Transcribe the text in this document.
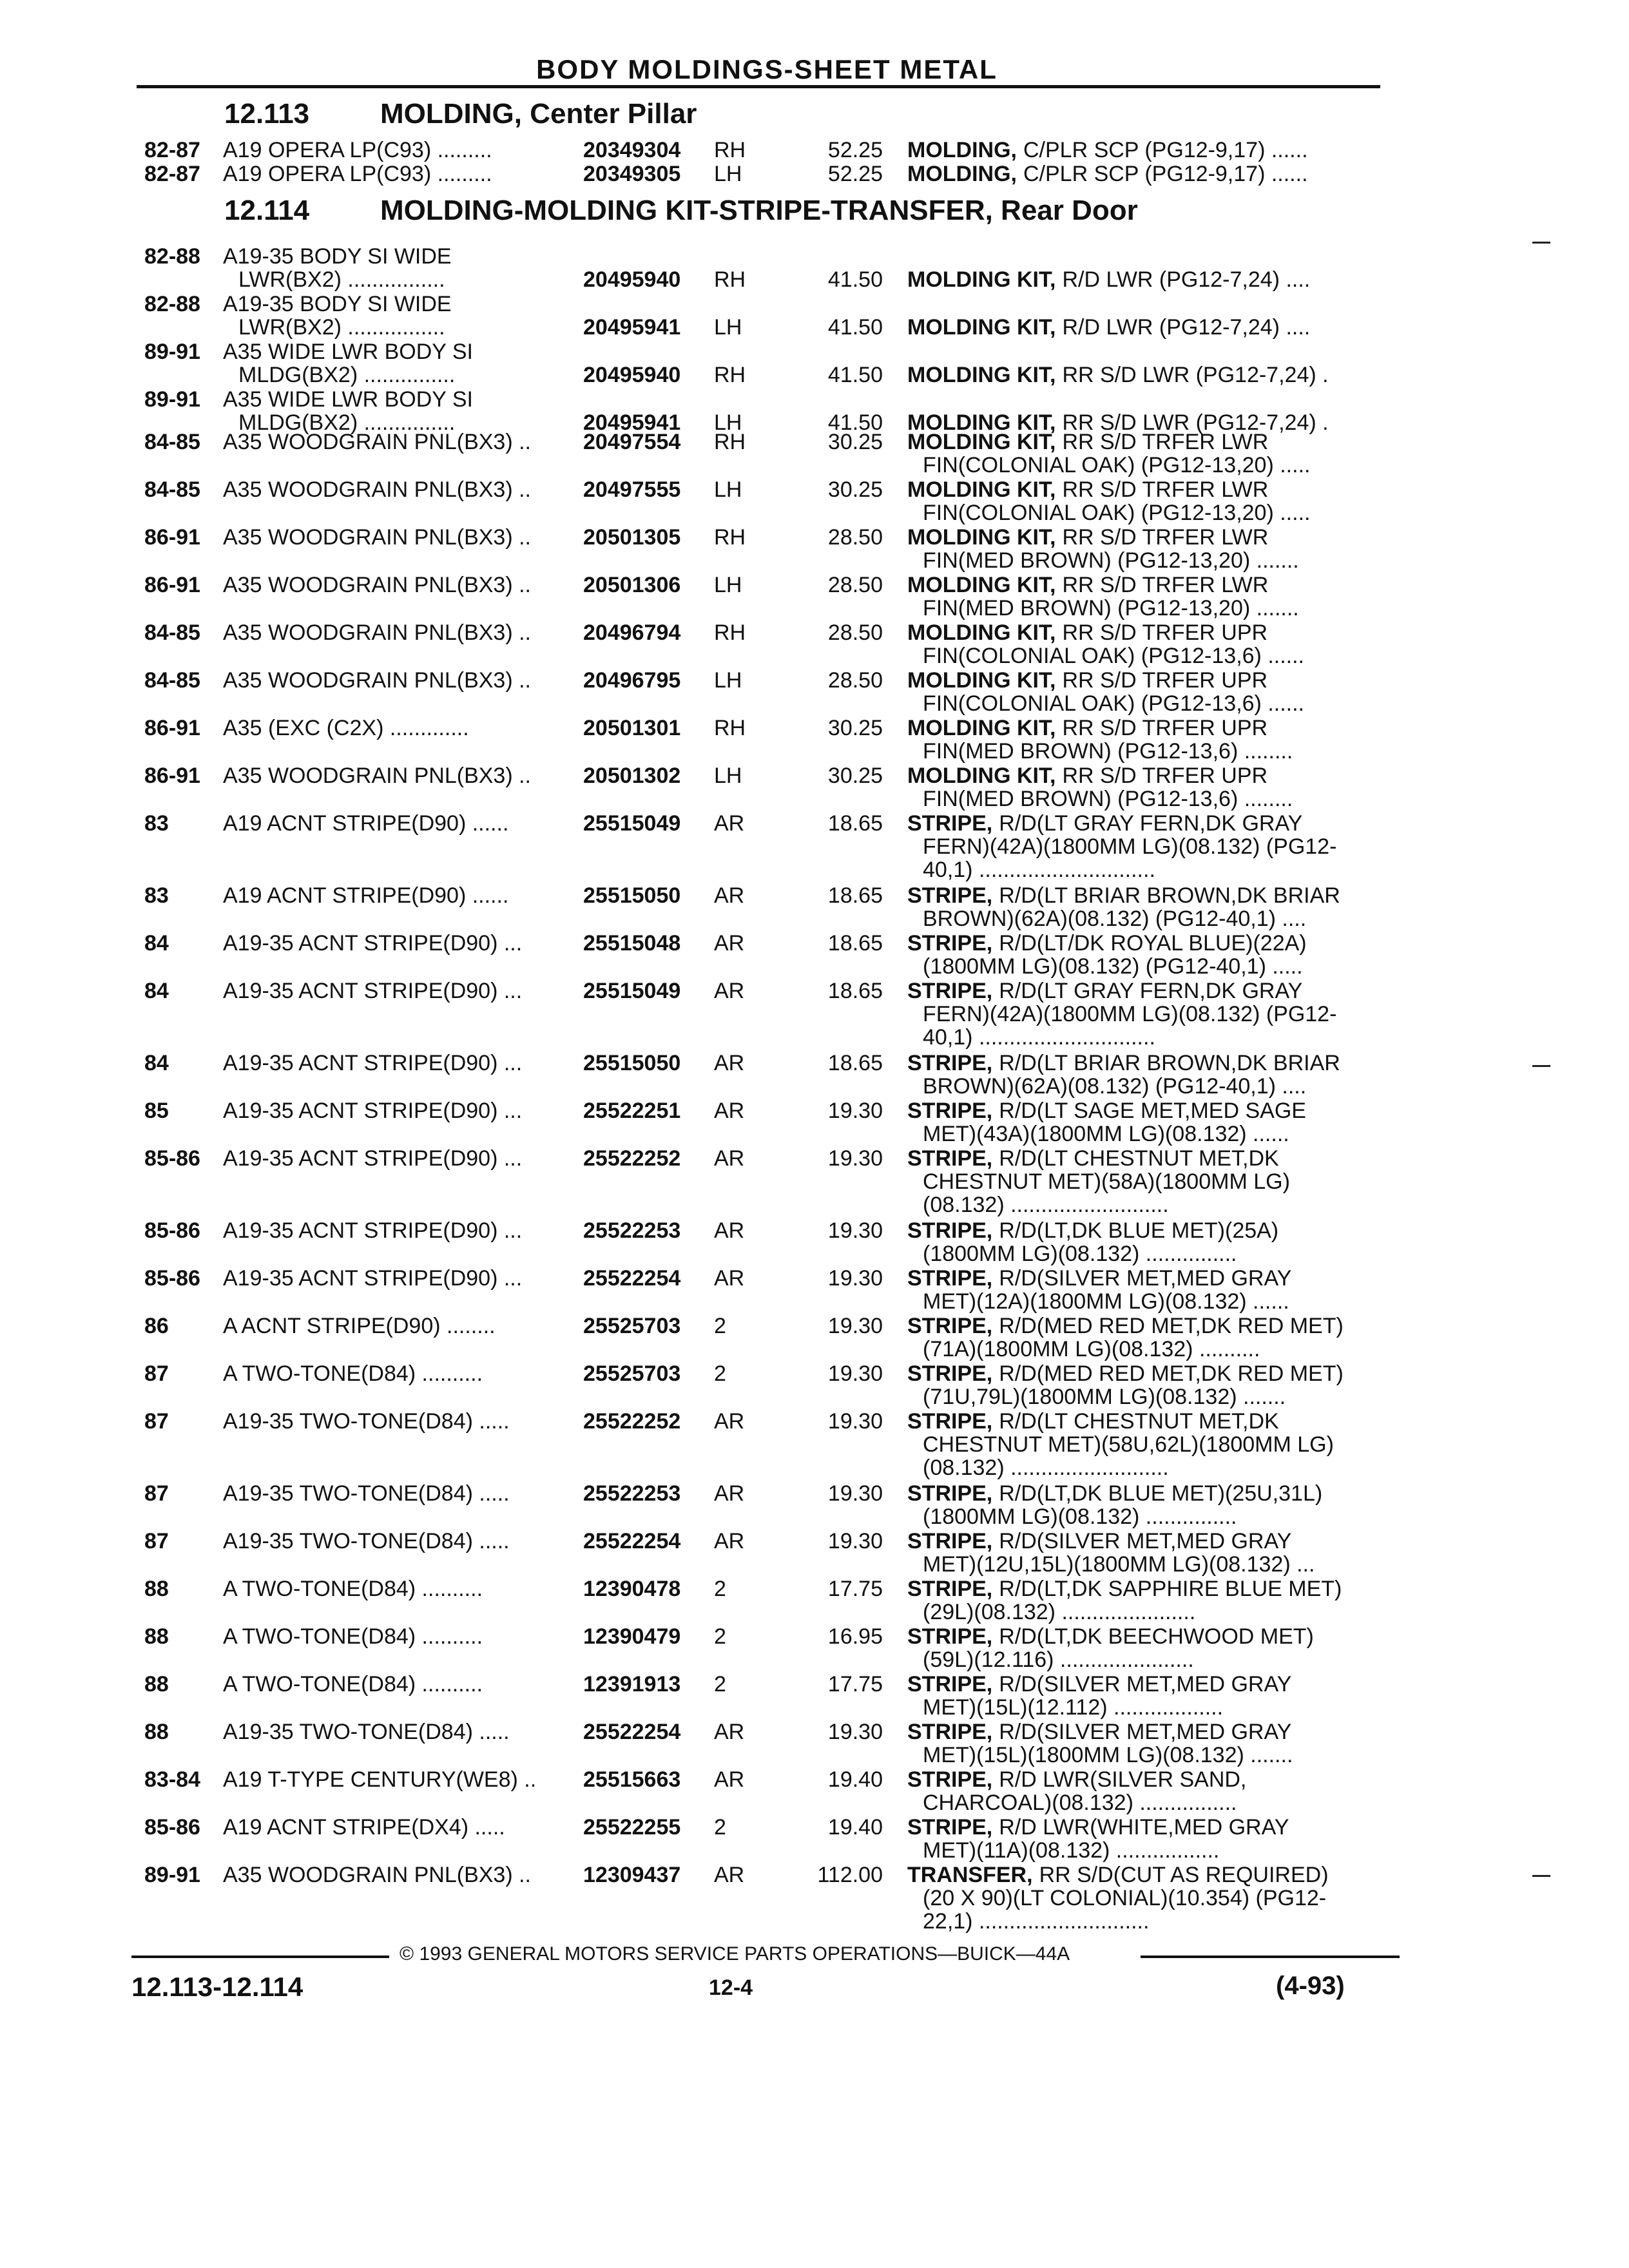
BODY MOLDINGS-SHEET METAL
12.113 MOLDING, Center Pillar
12.114 MOLDING-MOLDING KIT-STRIPE-TRANSFER, Rear Door
82-87 A19 OPERA LP(C93) .........	20349304 RH	52.25 MOLDING, C/PLR SCP (PG12-9,17) ......
82-87 A19 OPERA LP(C93) .........	20349305 LH	52.25 MOLDING, C/PLR SCP (PG12-9,17) ......
82-88 A19-35 BODY SI WIDE
LWR(BX2) ................	20495940 RH	41.50 MOLDING KIT, R/D LWR (PG12-7,24) ....
82-88 A19-35 BODY SI WIDE
LWR(BX2) ................	20495941 LH	41.50 MOLDING KIT, R/D LWR (PG12-7,24) ....
89-91 A35 WIDE LWR BODY SI
MLDG(BX2) ...............	20495940 RH	41.50 MOLDING KIT, RR S/D LWR (PG12-7,24) .
89-91 A35 WIDE LWR BODY SI
MLDG(BX2) ...............	20495941 LH	41.50 MOLDING KIT, RR S/D LWR (PG12-7,24) .
84-85 A35 WOODGRAIN PNL(BX3) .. 20497554 RH	30.25 MOLDING KIT, RR S/D TRFER LWR
FIN(COLONIAL OAK) (PG12-13,20) .....
84-85 A35 WOODGRAIN PNL(BX3) .. 20497555 LH	30.25 MOLDING KIT, RR S/D TRFER LWR
FIN(COLONIAL OAK) (PG12-13,20) .....
86-91 A35 WOODGRAIN PNL(BX3) .. 20501305 RH	28.50 MOLDING KIT, RR S/D TRFER LWR
FIN(MED BROWN) (PG12-13,20) .......
86-91 A35 WOODGRAIN PNL(BX3) .. 20501306 LH	28.50 MOLDING KIT, RR S/D TRFER LWR
FIN(MED BROWN) (PG12-13,20) .......
84-85 A35 WOODGRAIN PNL(BX3) .. 20496794 RH	28.50 MOLDING KIT, RR S/D TRFER UPR
FIN(COLONIAL OAK) (PG12-13,6) ......
84-85 A35 WOODGRAIN PNL(BX3) .. 20496795 LH	28.50 MOLDING KIT, RR S/D TRFER UPR
FIN(COLONIAL OAK) (PG12-13,6) ......
86-91 A35 (EXC (C2X) .............	20501301 RH	30.25 MOLDING KIT, RR S/D TRFER UPR
FIN(MED BROWN) (PG12-13,6) ........
86-91 A35 WOODGRAIN PNL(BX3) .. 20501302 LH	30.25 MOLDING KIT, RR S/D TRFER UPR
FIN(MED BROWN) (PG12-13,6) ........
83 A19 ACNT STRIPE(D90) ......	25515049 AR	18.65 STRIPE, R/D(LT GRAY FERN,DK GRAY
FERN)(42A)(1800MM LG)(08.132) (PG12-
40,1) .............................
83 A19 ACNT STRIPE(D90) ......	25515050 AR	18.65 STRIPE, R/D(LT BRIAR BROWN,DK BRIAR
BROWN)(62A)(08.132) (PG12-40,1) ....
84 A19-35 ACNT STRIPE(D90) ...	25515048 AR	18.65 STRIPE, R/D(LT/DK ROYAL BLUE)(22A)
(1800MM LG)(08.132) (PG12-40,1) .....
84 A19-35 ACNT STRIPE(D90) ...	25515049 AR	18.65 STRIPE, R/D(LT GRAY FERN,DK GRAY
FERN)(42A)(1800MM LG)(08.132) (PG12-
40,1) .............................
84 A19-35 ACNT STRIPE(D90) ...	25515050 AR	18.65 STRIPE, R/D(LT BRIAR BROWN,DK BRIAR
BROWN)(62A)(08.132) (PG12-40,1) ....
85 A19-35 ACNT STRIPE(D90) ...	25522251 AR	19.30 STRIPE, R/D(LT SAGE MET,MED SAGE
MET)(43A)(1800MM LG)(08.132) ......
85-86 A19-35 ACNT STRIPE(D90) ...	25522252 AR	19.30 STRIPE, R/D(LT CHESTNUT MET,DK
CHESTNUT MET)(58A)(1800MM LG)
(08.132) ..........................
85-86 A19-35 ACNT STRIPE(D90) ...	25522253 AR	19.30 STRIPE, R/D(LT,DK BLUE MET)(25A)
(1800MM LG)(08.132) ...............
85-86 A19-35 ACNT STRIPE(D90) ...	25522254 AR	19.30 STRIPE, R/D(SILVER MET,MED GRAY
MET)(12A)(1800MM LG)(08.132) ......
86 A ACNT STRIPE(D90) ........	25525703 2	19.30 STRIPE, R/D(MED RED MET,DK RED MET)
(71A)(1800MM LG)(08.132) ..........
87 A TWO-TONE(D84) ..........	25525703 2	19.30 STRIPE, R/D(MED RED MET,DK RED MET)
(71U,79L)(1800MM LG)(08.132) .......
87 A19-35 TWO-TONE(D84) .....	25522252 AR	19.30 STRIPE, R/D(LT CHESTNUT MET,DK
CHESTNUT MET)(58U,62L)(1800MM LG)
(08.132) ..........................
87 A19-35 TWO-TONE(D84) .....	25522253 AR	19.30 STRIPE, R/D(LT,DK BLUE MET)(25U,31L)
(1800MM LG)(08.132) ...............
87 A19-35 TWO-TONE(D84) .....	25522254 AR	19.30 STRIPE, R/D(SILVER MET,MED GRAY
MET)(12U,15L)(1800MM LG)(08.132) ...
88 A TWO-TONE(D84) ..........	12390478 2	17.75 STRIPE, R/D(LT,DK SAPPHIRE BLUE MET)
(29L)(08.132) ......................
88 A TWO-TONE(D84) ..........	12390479 2	16.95 STRIPE, R/D(LT,DK BEECHWOOD MET)
(59L)(12.116) ......................
88 A TWO-TONE(D84) ..........	12391913 2	17.75 STRIPE, R/D(SILVER MET,MED GRAY
MET)(15L)(12.112) ..................
88 A19-35 TWO-TONE(D84) .....	25522254 AR	19.30 STRIPE, R/D(SILVER MET,MED GRAY
MET)(15L)(1800MM LG)(08.132) .......
83-84 A19 T-TYPE CENTURY(WE8) .. 25515663 AR	19.40 STRIPE, R/D LWR(SILVER SAND,
CHARCOAL)(08.132) ................
85-86 A19 ACNT STRIPE(DX4) .....	25522255 2	19.40 STRIPE, R/D LWR(WHITE,MED GRAY
MET)(11A)(08.132) .................
89-91 A35 WOODGRAIN PNL(BX3) .. 12309437 AR	112.00 TRANSFER, RR S/D(CUT AS REQUIRED)
(20 X 90)(LT COLONIAL)(10.354) (PG12-
22,1) ............................
© 1993 GENERAL MOTORS SERVICE PARTS OPERATIONS—BUICK—44A
12.113-12.114	12-4	(4-93)
